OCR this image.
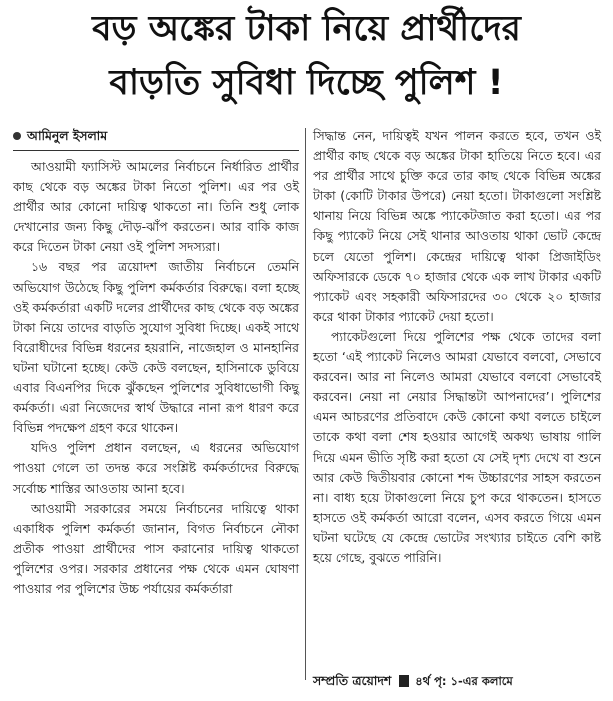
বড় অঙ্কের টাকা নিয়ে প্রার্থীদের
বাড়তি সুবিধা দিচ্ছে পুলিশ !
আমিনুল ইসলাম

আওয়ামী ফ্যাসিস্ট আমলের নির্বাচনে নির্ধারিত প্রার্থীর কাছ থেকে বড় অঙ্কের টাকা নিতো পুলিশ। এর পর ওই প্রার্থীর আর কোনো দায়িত্ব থাকতো না। তিনি শুধু লোক দেখানোর জন্য কিছু দৌড়-ঝাঁপ করতেন। আর বাকি কাজ করে দিতেন টাকা নেয়া ওই পুলিশ সদস্যরা।

১৬ বছর পর ত্রয়োদশ জাতীয় নির্বাচনে তেমনি অভিযোগ উঠেছে কিছু পুলিশ কর্মকর্তার বিরুদ্ধে। বলা হচ্ছে ওই কর্মকর্তারা একটি দলের প্রার্থীদের কাছ থেকে বড় অঙ্কের টাকা নিয়ে তাদের বাড়তি সুযোগ সুবিধা দিচ্ছে। একই সাথে বিরোধীদের বিভিন্ন ধরনের হয়রানি, নাজেহাল ও মানহানির ঘটনা ঘটানো হচ্ছে। কেউ কেউ বলছেন, হাসিনাকে ডুবিয়ে এবার বিএনপির দিকে ঝুঁকছেন পুলিশের সুবিধাভোগী কিছু কর্মকর্তা। এরা নিজেদের স্বার্থ উদ্ধারে নানা রূপ ধারণ করে বিভিন্ন পদক্ষেপ গ্রহণ করে থাকেন।

যদিও পুলিশ প্রধান বলছেন, এ ধরনের অভিযোগ পাওয়া গেলে তা তদন্ত করে সংশ্লিষ্ট কর্মকর্তাদের বিরুদ্ধে সর্বোচ্চ শাস্তির আওতায় আনা হবে।

আওয়ামী সরকারের সময়ে নির্বাচনের দায়িত্বে থাকা একাধিক পুলিশ কর্মকর্তা জানান, বিগত নির্বাচনে নৌকা প্রতীক পাওয়া প্রার্থীদের পাস করানোর দায়িত্ব থাকতো পুলিশের ওপর। সরকার প্রধানের পক্ষ থেকে এমন ঘোষণা পাওয়ার পর পুলিশের উচ্চ পর্যায়ের কর্মকর্তারা

সিদ্ধান্ত নেন, দায়িত্বই যখন পালন করতে হবে, তখন ওই প্রার্থীর কাছ থেকে বড় অঙ্কের টাকা হাতিয়ে নিতে হবে। এর পর প্রার্থীর সাথে চুক্তি করে তার কাছ থেকে বিভিন্ন অঙ্কের টাকা (কোটি টাকার উপরে) নেয়া হতো। টাকাগুলো সংশ্লিষ্ট থানায় নিয়ে বিভিন্ন অঙ্কে প্যাকেটজাত করা হতো। এর পর কিছু প্যাকেট নিয়ে সেই থানার আওতায় থাকা ভোট কেন্দ্রে চলে যেতো পুলিশ। কেন্দ্রের দায়িত্বে থাকা প্রিজাইডিং অফিসারকে ডেকে ৭০ হাজার থেকে এক লাখ টাকার একটি প্যাকেট এবং সহকারী অফিসারদের ৩০ থেকে ২০ হাজার করে থাকা টাকার প্যাকেট দেয়া হতো।

প্যাকেটগুলো দিয়ে পুলিশের পক্ষ থেকে তাদের বলা হতো ‘এই প্যাকেট নিলেও আমরা যেভাবে বলবো, সেভাবে করবেন। আর না নিলেও আমরা যেভাবে বলবো সেভাবেই করবেন। নেয়া না নেয়ার সিদ্ধান্তটা আপনাদের’। পুলিশের এমন আচরণের প্রতিবাদে কেউ কোনো কথা বলতে চাইলে তাকে কথা বলা শেষ হওয়ার আগেই অকথ্য ভাষায় গালি দিয়ে এমন ভীতি সৃষ্টি করা হতো যে সেই দৃশ্য দেখে বা শুনে আর কেউ দ্বিতীয়বার কোনো শব্দ উচ্চারণের সাহস করতেন না। বাধ্য হয়ে টাকাগুলো নিয়ে চুপ করে থাকতেন। হাসতে হাসতে ওই কর্মকর্তা আরো বলেন, এসব করতে গিয়ে এমন ঘটনা ঘটেছে যে কেন্দ্রে ভোটের সংখ্যার চাইতে বেশি কাষ্ট হয়ে গেছে, বুঝতে পারিনি।

সম্প্রতি ত্রয়োদশ ৪র্থ পৃ: ১-এর কলামে
